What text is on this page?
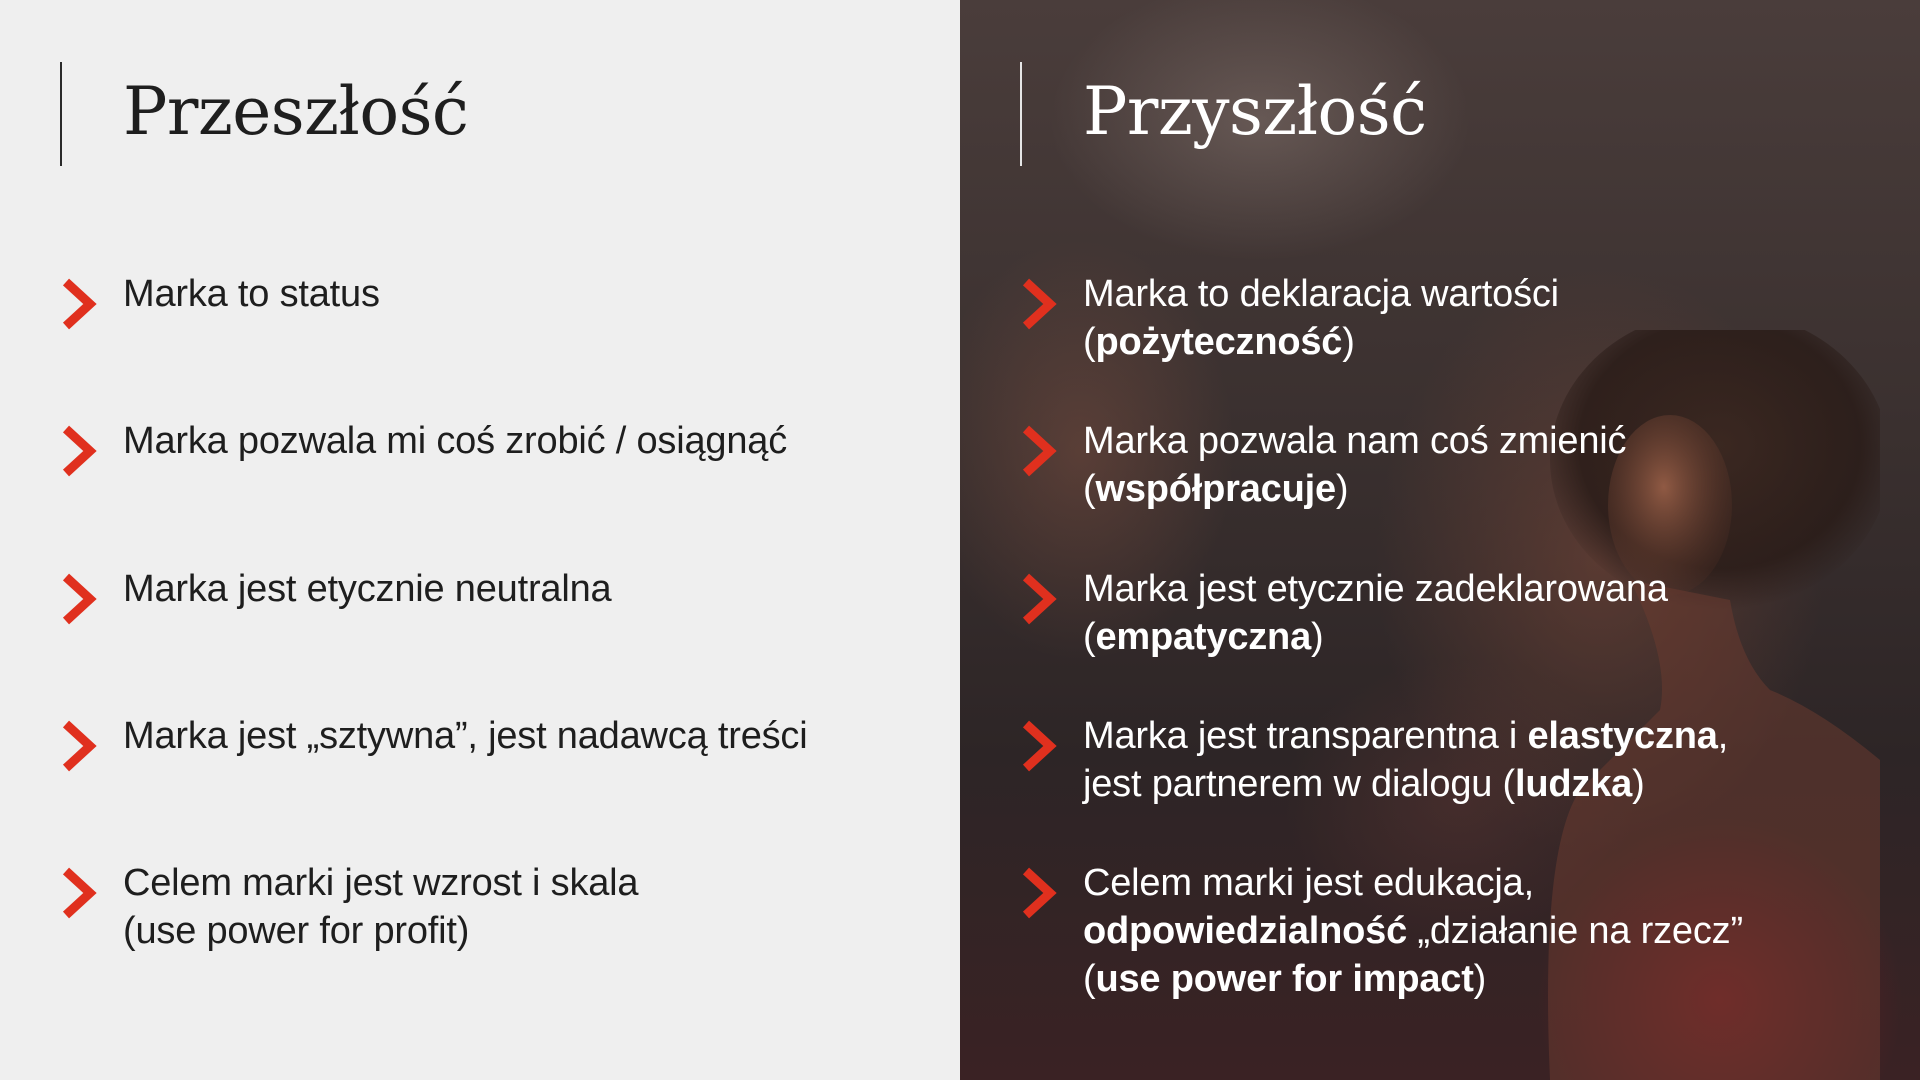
Przeszłość
Marka to status
Marka pozwala mi coś zrobić / osiągnąć
Marka jest etycznie neutralna
Marka jest „sztywna”, jest nadawcą treści
Celem marki jest wzrost i skala
(use power for profit)
Przyszłość
Marka to deklaracja wartości
(pożyteczność)
Marka pozwala nam coś zmienić
(współpracuje)
Marka jest etycznie zadeklarowana
(empatyczna)
Marka jest transparentna i elastyczna,
jest partnerem w dialogu (ludzka)
Celem marki jest edukacja,
odpowiedzialność „działanie na rzecz”
(use power for impact)
